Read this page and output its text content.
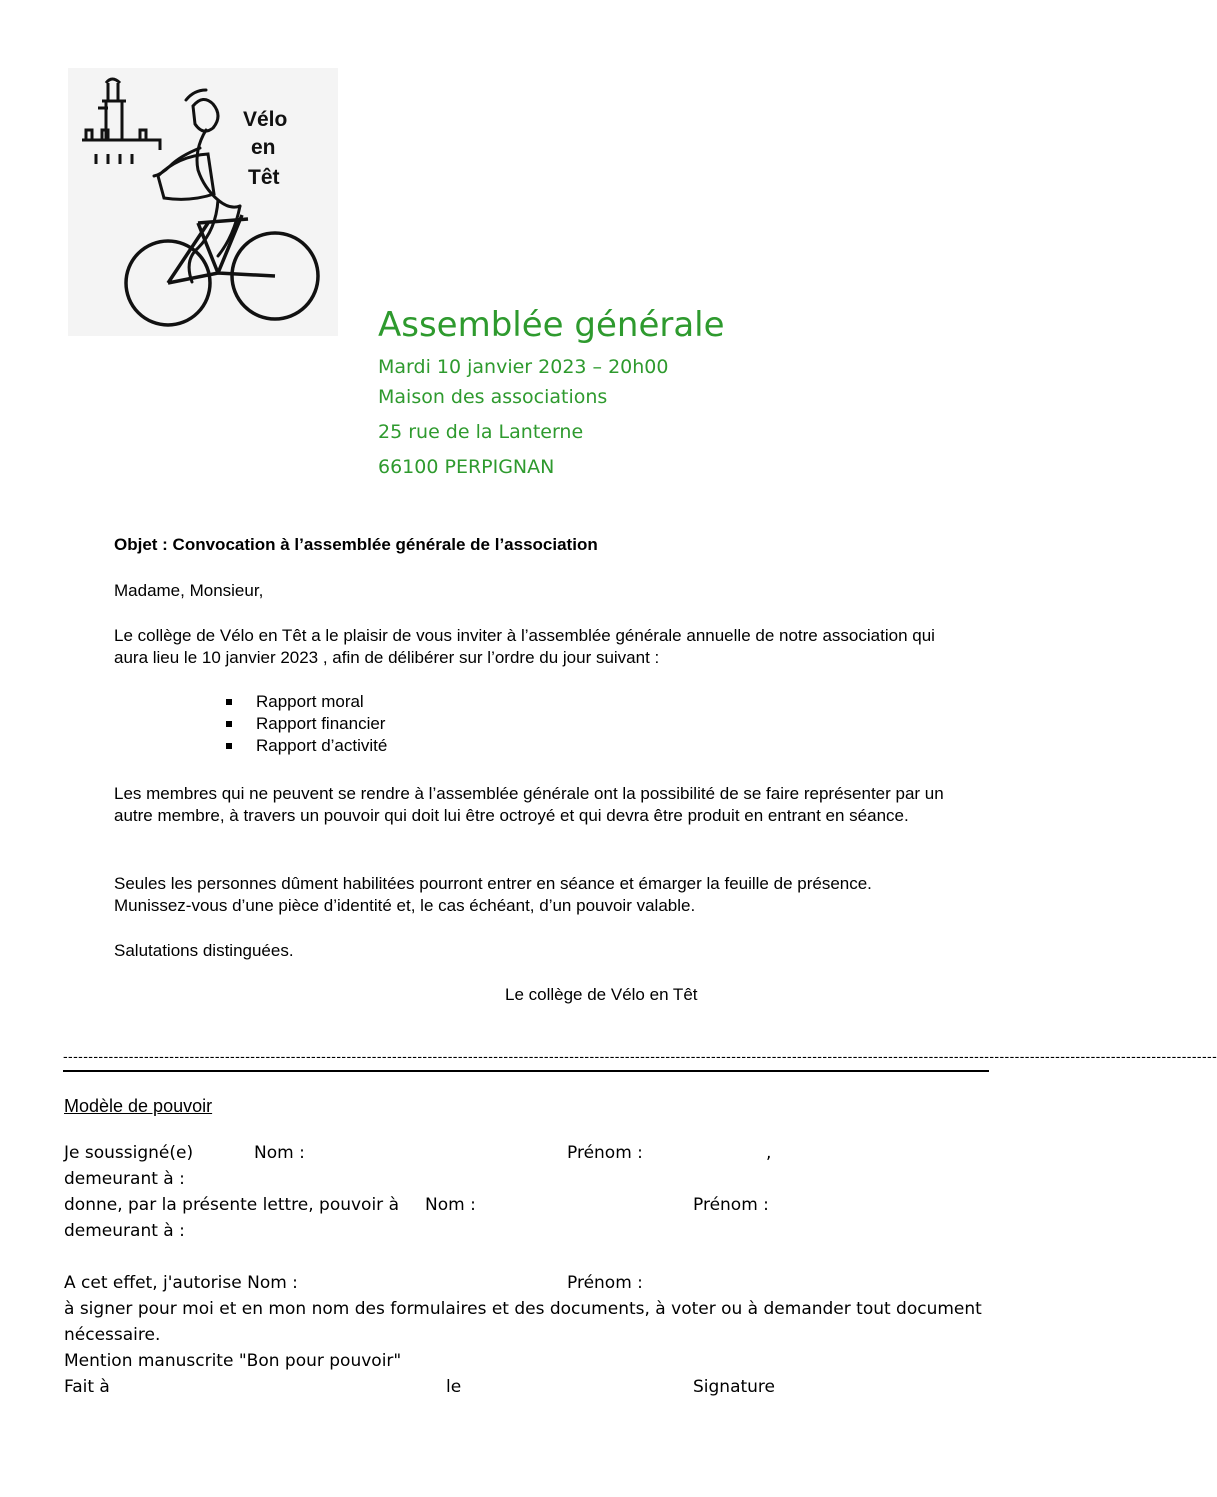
Vélo
en
Têt
Assemblée générale
Mardi 10 janvier 2023 – 20h00
Maison des associations
25 rue de la Lanterne
66100 PERPIGNAN
Objet : Convocation à l’assemblée générale de l’association
Madame, Monsieur,
Le collège de Vélo en Têt a le plaisir de vous inviter à l’assemblée générale annuelle de notre association qui aura lieu le 10 janvier 2023 , afin de délibérer sur l’ordre du jour suivant :
Rapport moral
Rapport financier
Rapport d’activité
Les membres qui ne peuvent se rendre à l’assemblée générale ont la possibilité de se faire représenter par un autre membre, à travers un pouvoir qui doit lui être octroyé et qui devra être produit en entrant en séance.
Seules les personnes dûment habilitées pourront entrer en séance et émarger la feuille de présence. Munissez-vous d’une pièce d’identité et, le cas échéant, d’un pouvoir valable.
Salutations distinguées.
Le collège de Vélo en Têt
------------------------------------------------------------------------------------------------------------------------------------------------------------------------------------------------------------------------------------
Modèle de pouvoir
Je soussigné(e)	Nom :	Prénom :	,
demeurant à :
donne, par la présente lettre, pouvoir à Nom :	Prénom :
demeurant à :
A cet effet, j'autorise Nom :	Prénom :
à signer pour moi et en mon nom des formulaires et des documents, à voter ou à demander tout document
nécessaire.
Mention manuscrite "Bon pour pouvoir"
Fait à	le	Signature
